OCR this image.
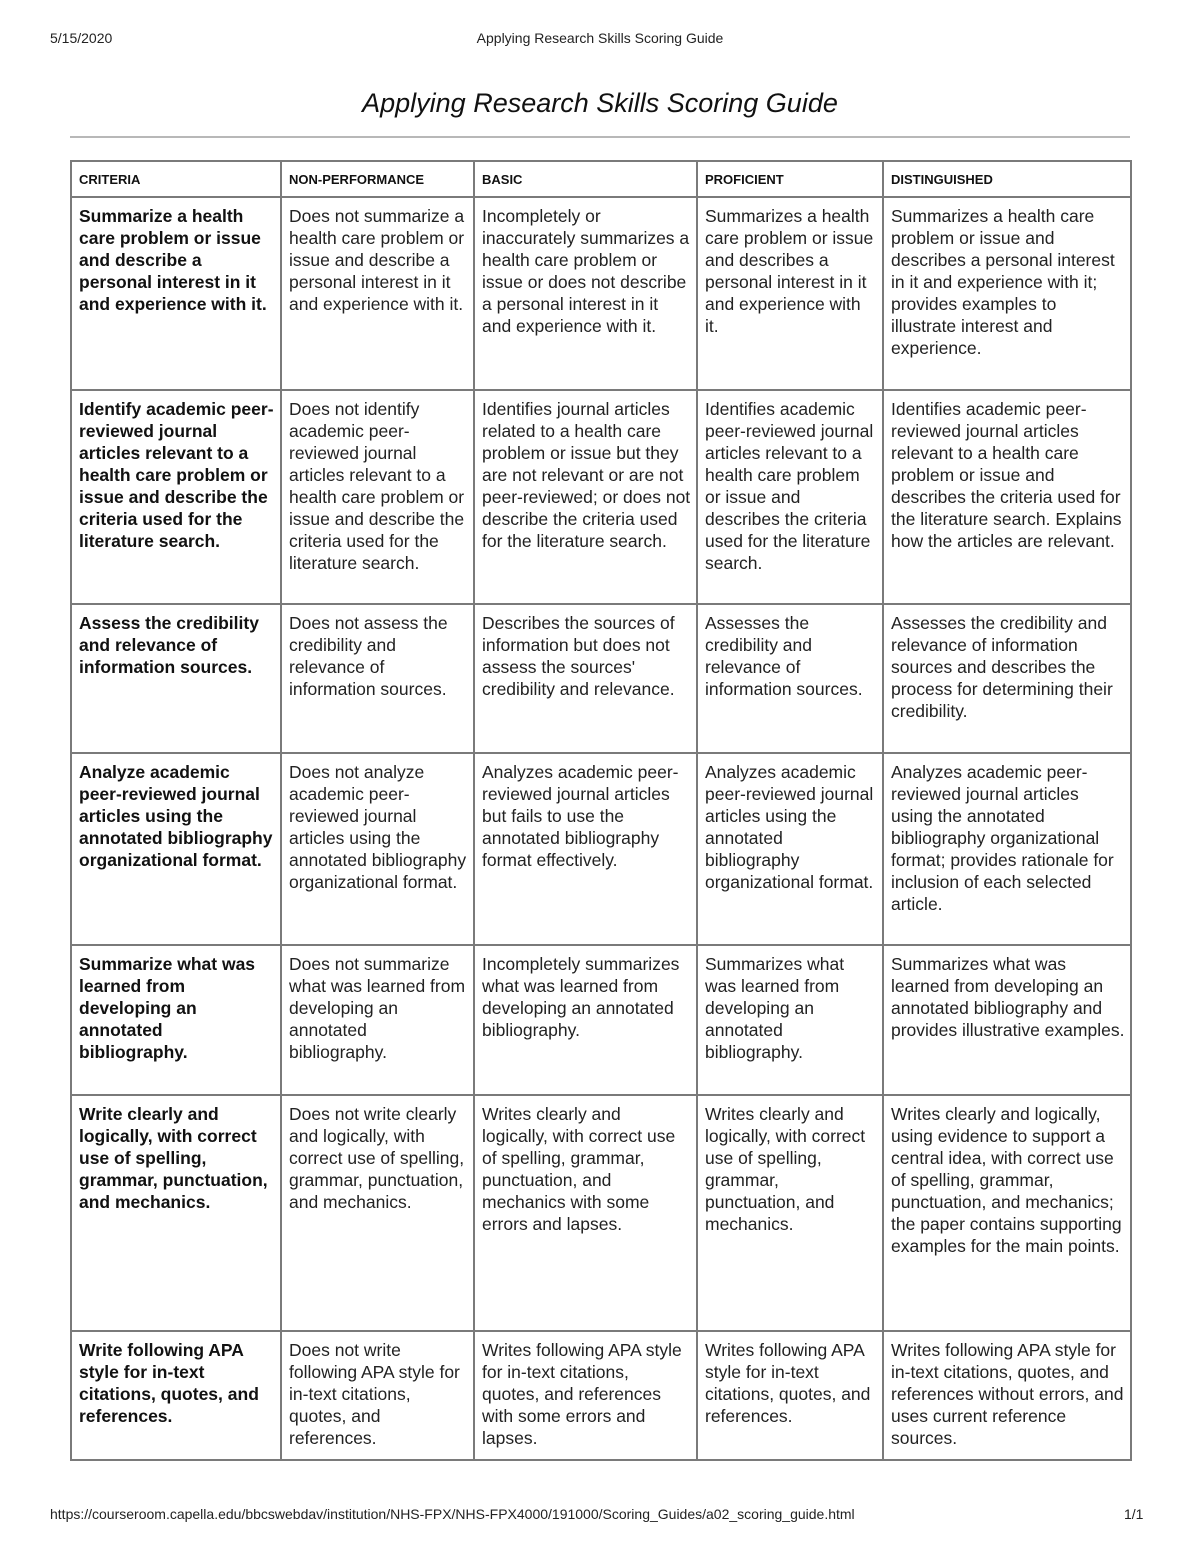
5/15/2020	Applying Research Skills Scoring Guide
Applying Research Skills Scoring Guide
CRITERIA	NON-PERFORMANCE	BASIC	PROFICIENT	DISTINGUISHED
Summarize a health care problem or issue and describe a personal interest in it and experience with it.	Does not summarize a health care problem or issue and describe a personal interest in it and experience with it.	Incompletely or inaccurately summarizes a health care problem or issue or does not describe a personal interest in it and experience with it.	Summarizes a health care problem or issue and describes a personal interest in it and experience with it.	Summarizes a health care problem or issue and describes a personal interest in it and experience with it; provides examples to illustrate interest and experience.
Identify academic peer-reviewed journal articles relevant to a health care problem or issue and describe the criteria used for the literature search.	Does not identify academic peer-reviewed journal articles relevant to a health care problem or issue and describe the criteria used for the literature search.	Identifies journal articles related to a health care problem or issue but they are not relevant or are not peer-reviewed; or does not describe the criteria used for the literature search.	Identifies academic peer-reviewed journal articles relevant to a health care problem or issue and describes the criteria used for the literature search.	Identifies academic peer-reviewed journal articles relevant to a health care problem or issue and describes the criteria used for the literature search. Explains how the articles are relevant.
Assess the credibility and relevance of information sources.	Does not assess the credibility and relevance of information sources.	Describes the sources of information but does not assess the sources' credibility and relevance.	Assesses the credibility and relevance of information sources.	Assesses the credibility and relevance of information sources and describes the process for determining their credibility.
Analyze academic peer-reviewed journal articles using the annotated bibliography organizational format.	Does not analyze academic peer-reviewed journal articles using the annotated bibliography organizational format.	Analyzes academic peer-reviewed journal articles but fails to use the annotated bibliography format effectively.	Analyzes academic peer-reviewed journal articles using the annotated bibliography organizational format.	Analyzes academic peer-reviewed journal articles using the annotated bibliography organizational format; provides rationale for inclusion of each selected article.
Summarize what was learned from developing an annotated bibliography.	Does not summarize what was learned from developing an annotated bibliography.	Incompletely summarizes what was learned from developing an annotated bibliography.	Summarizes what was learned from developing an annotated bibliography.	Summarizes what was learned from developing an annotated bibliography and provides illustrative examples.
Write clearly and logically, with correct use of spelling, grammar, punctuation, and mechanics.	Does not write clearly and logically, with correct use of spelling, grammar, punctuation, and mechanics.	Writes clearly and logically, with correct use of spelling, grammar, punctuation, and mechanics with some errors and lapses.	Writes clearly and logically, with correct use of spelling, grammar, punctuation, and mechanics.	Writes clearly and logically, using evidence to support a central idea, with correct use of spelling, grammar, punctuation, and mechanics; the paper contains supporting examples for the main points.
Write following APA style for in-text citations, quotes, and references.	Does not write following APA style for in-text citations, quotes, and references.	Writes following APA style for in-text citations, quotes, and references with some errors and lapses.	Writes following APA style for in-text citations, quotes, and references.	Writes following APA style for in-text citations, quotes, and references without errors, and uses current reference sources.
https://courseroom.capella.edu/bbcswebdav/institution/NHS-FPX/NHS-FPX4000/191000/Scoring_Guides/a02_scoring_guide.html	1/1
